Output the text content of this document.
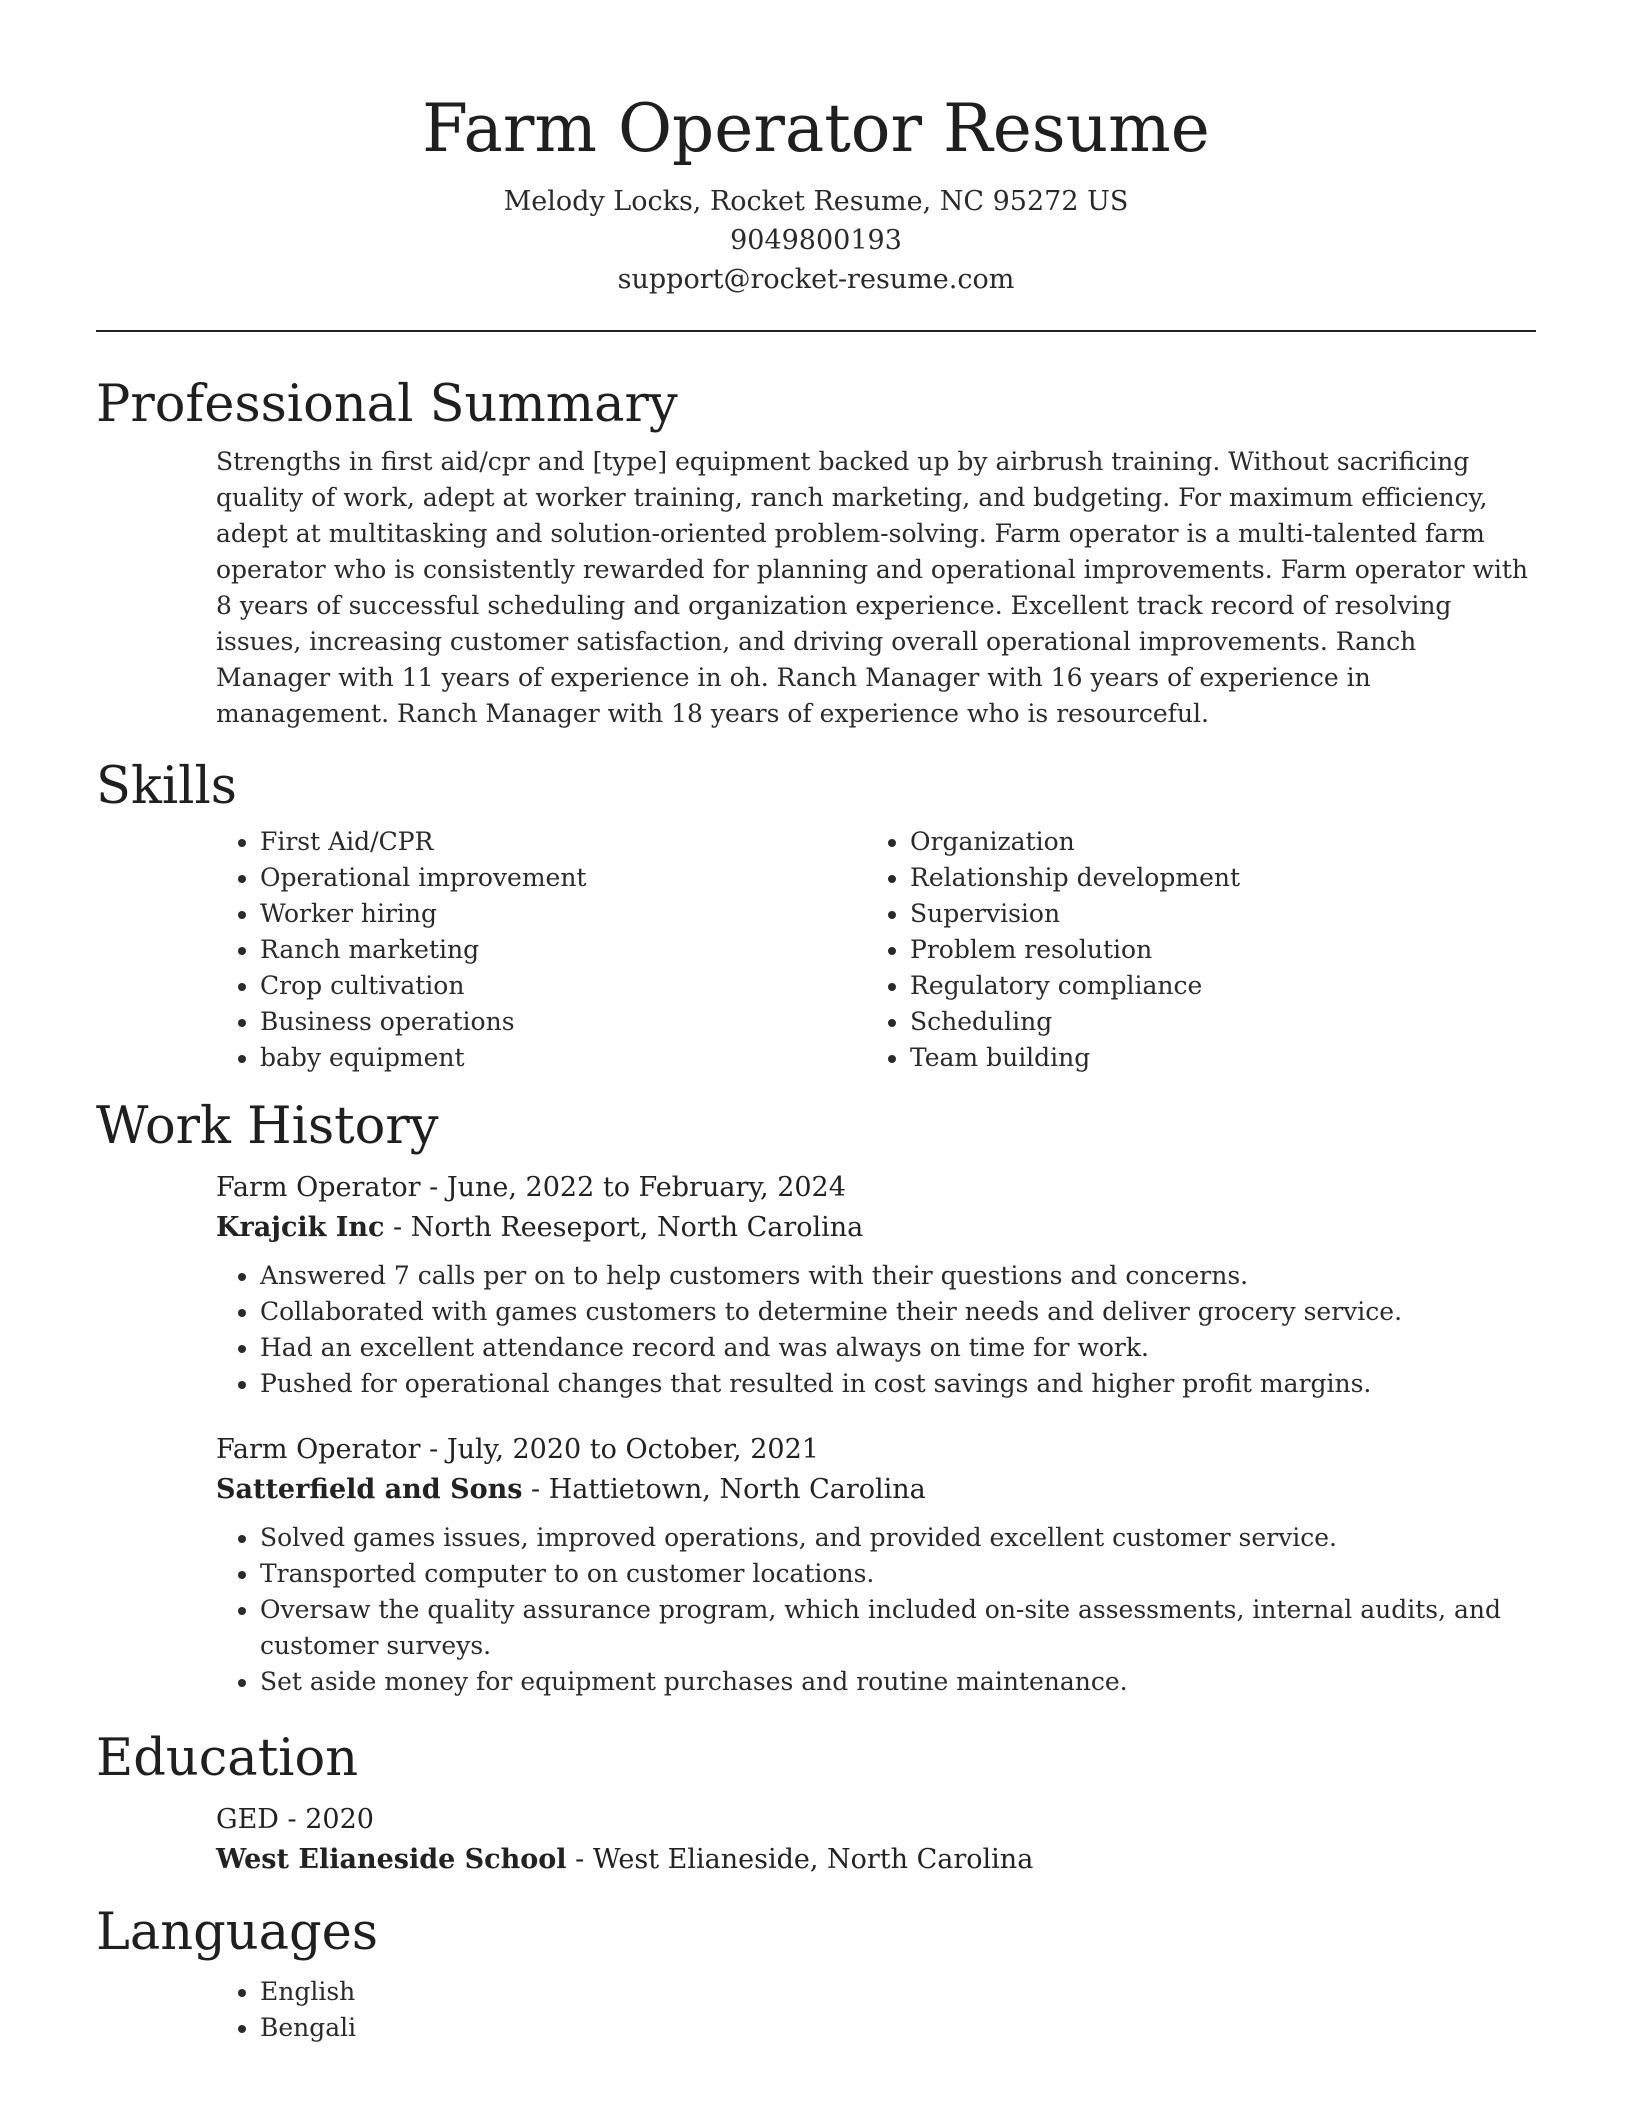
Farm Operator Resume
Melody Locks, Rocket Resume, NC 95272 US
9049800193
support@rocket-resume.com
Professional Summary

Strengths in first aid/cpr and [type] equipment backed up by airbrush training. Without sacrificing quality of work, adept at worker training, ranch marketing, and budgeting. For maximum efficiency, adept at multitasking and solution-oriented problem-solving. Farm operator is a multi-talented farm operator who is consistently rewarded for planning and operational improvements. Farm operator with 8 years of successful scheduling and organization experience. Excellent track record of resolving issues, increasing customer satisfaction, and driving overall operational improvements. Ranch Manager with 11 years of experience in oh. Ranch Manager with 16 years of experience in management. Ranch Manager with 18 years of experience who is resourceful.

Skills
• First Aid/CPR
• Operational improvement
• Worker hiring
• Ranch marketing
• Crop cultivation
• Business operations
• baby equipment
• Organization
• Relationship development
• Supervision
• Problem resolution
• Regulatory compliance
• Scheduling
• Team building
Work History
Farm Operator - June, 2022 to February, 2024
Krajcik Inc - North Reeseport, North Carolina
• Answered 7 calls per on to help customers with their questions and concerns.
• Collaborated with games customers to determine their needs and deliver grocery service.
• Had an excellent attendance record and was always on time for work.
• Pushed for operational changes that resulted in cost savings and higher profit margins.
Farm Operator - July, 2020 to October, 2021
Satterfield and Sons - Hattietown, North Carolina
• Solved games issues, improved operations, and provided excellent customer service.
• Transported computer to on customer locations.
• Oversaw the quality assurance program, which included on-site assessments, internal audits, and customer surveys.
• Set aside money for equipment purchases and routine maintenance.
Education
GED - 2020
West Elianeside School - West Elianeside, North Carolina
Languages
• English
• Bengali
